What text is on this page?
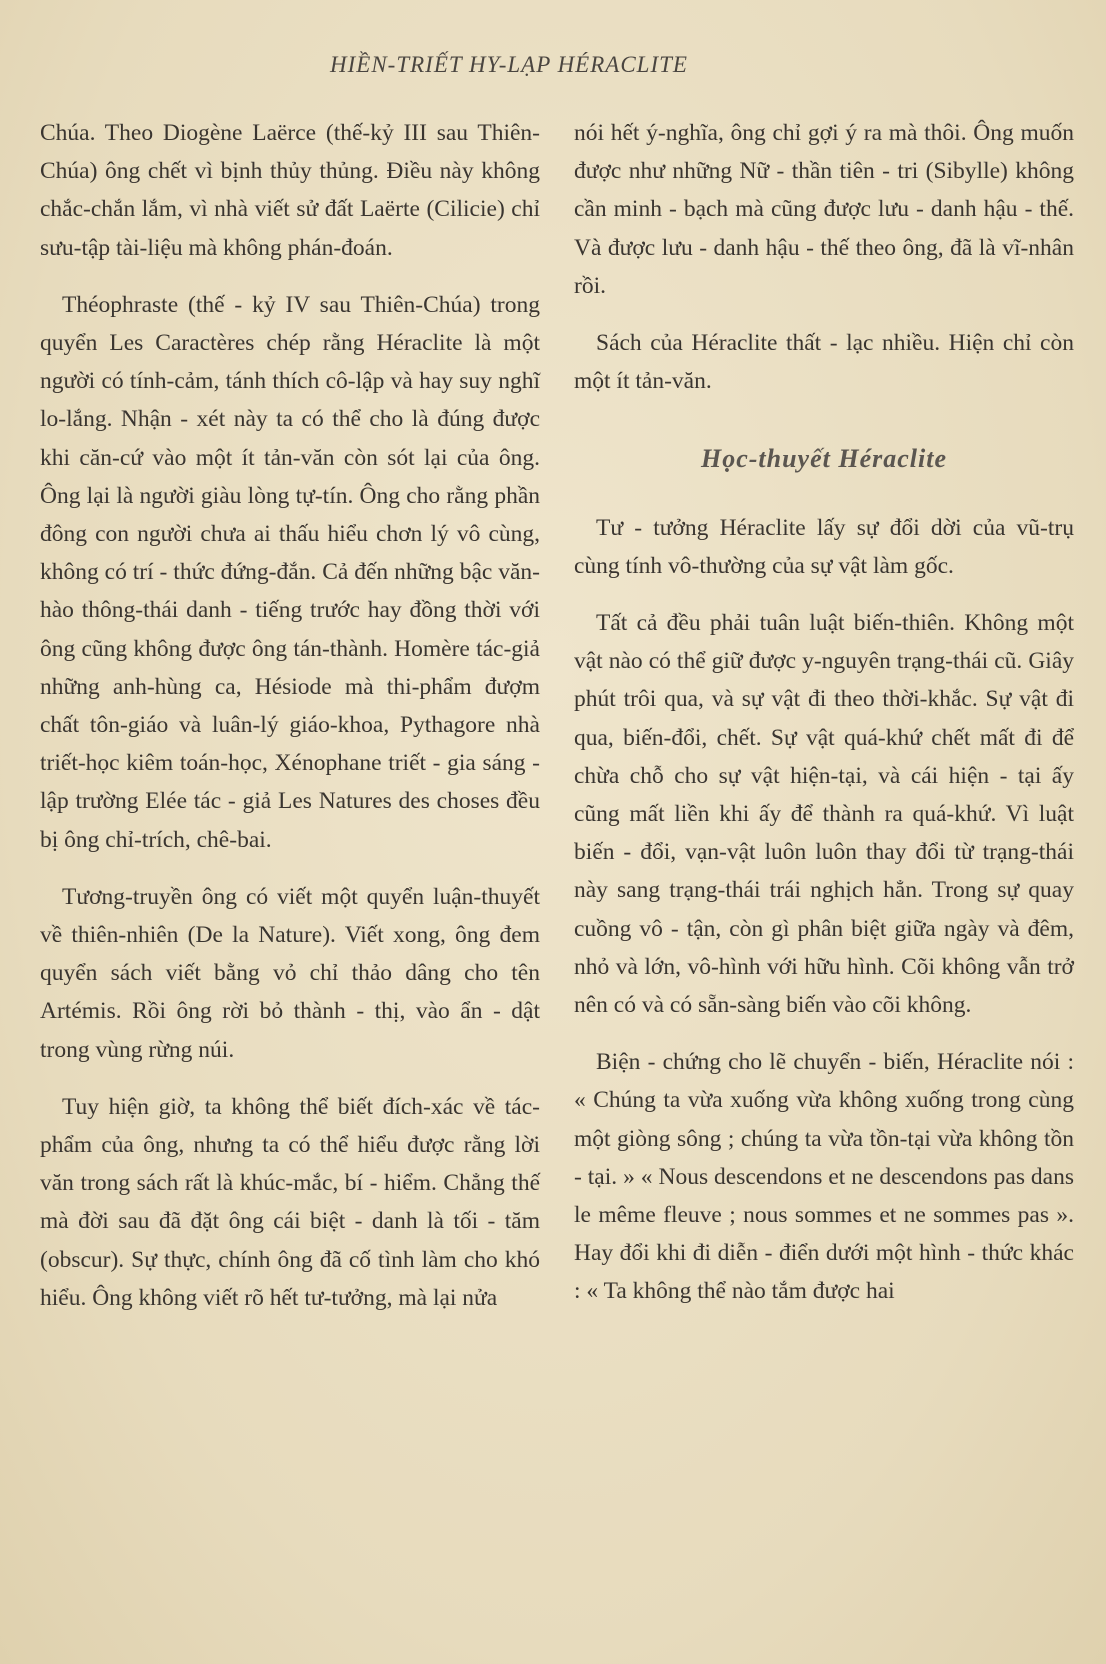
HIỀN-TRIẾT HY-LẠP HÉRACLITE

Chúa. Theo Diogène Laërce (thế-kỷ III sau Thiên-Chúa) ông chết vì bịnh thủy thủng. Điều này không chắc-chắn lắm, vì nhà viết sử đất Laërte (Cilicie) chỉ sưu-tập tài-liệu mà không phán-đoán.

Théophraste (thế - kỷ IV sau Thiên-Chúa) trong quyển Les Caractères chép rằng Héraclite là một người có tính-cảm, tánh thích cô-lập và hay suy nghĩ lo-lắng. Nhận - xét này ta có thể cho là đúng được khi căn-cứ vào một ít tản-văn còn sót lại của ông. Ông lại là người giàu lòng tự-tín. Ông cho rằng phần đông con người chưa ai thấu hiểu chơn lý vô cùng, không có trí - thức đứng-đắn. Cả đến những bậc văn-hào thông-thái danh - tiếng trước hay đồng thời với ông cũng không được ông tán-thành. Homère tác-giả những anh-hùng ca, Hésiode mà thi-phẩm đượm chất tôn-giáo và luân-lý giáo-khoa, Pythagore nhà triết-học kiêm toán-học, Xénophane triết - gia sáng - lập trường Elée tác - giả Les Natures des choses đều bị ông chỉ-trích, chê-bai.

Tương-truyền ông có viết một quyển luận-thuyết về thiên-nhiên (De la Nature). Viết xong, ông đem quyển sách viết bằng vỏ chỉ thảo dâng cho tên Artémis. Rồi ông rời bỏ thành - thị, vào ẩn - dật trong vùng rừng núi.

Tuy hiện giờ, ta không thể biết đích-xác về tác-phẩm của ông, nhưng ta có thể hiểu được rằng lời văn trong sách rất là khúc-mắc, bí - hiểm. Chẳng thế mà đời sau đã đặt ông cái biệt - danh là tối - tăm (obscur). Sự thực, chính ông đã cố tình làm cho khó hiểu. Ông không viết rõ hết tư-tưởng, mà lại nửa

nói hết ý-nghĩa, ông chỉ gợi ý ra mà thôi. Ông muốn được như những Nữ - thần tiên - tri (Sibylle) không cần minh - bạch mà cũng được lưu - danh hậu - thế. Và được lưu - danh hậu - thế theo ông, đã là vĩ-nhân rồi.

Sách của Héraclite thất - lạc nhiều. Hiện chỉ còn một ít tản-văn.

Học-thuyết Héraclite

Tư - tưởng Héraclite lấy sự đổi dời của vũ-trụ cùng tính vô-thường của sự vật làm gốc.

Tất cả đều phải tuân luật biến-thiên. Không một vật nào có thể giữ được y-nguyên trạng-thái cũ. Giây phút trôi qua, và sự vật đi theo thời-khắc. Sự vật đi qua, biến-đổi, chết. Sự vật quá-khứ chết mất đi để chừa chỗ cho sự vật hiện-tại, và cái hiện - tại ấy cũng mất liền khi ấy để thành ra quá-khứ. Vì luật biến - đổi, vạn-vật luôn luôn thay đổi từ trạng-thái này sang trạng-thái trái nghịch hẳn. Trong sự quay cuồng vô - tận, còn gì phân biệt giữa ngày và đêm, nhỏ và lớn, vô-hình với hữu hình. Cõi không vẫn trở nên có và có sẵn-sàng biến vào cõi không.

Biện - chứng cho lẽ chuyển - biến, Héraclite nói : « Chúng ta vừa xuống vừa không xuống trong cùng một giòng sông ; chúng ta vừa tồn-tại vừa không tồn - tại. » « Nous descendons et ne descendons pas dans le même fleuve ; nous sommes et ne sommes pas ». Hay đổi khi đi diễn - điển dưới một hình - thức khác : « Ta không thể nào tắm được hai
